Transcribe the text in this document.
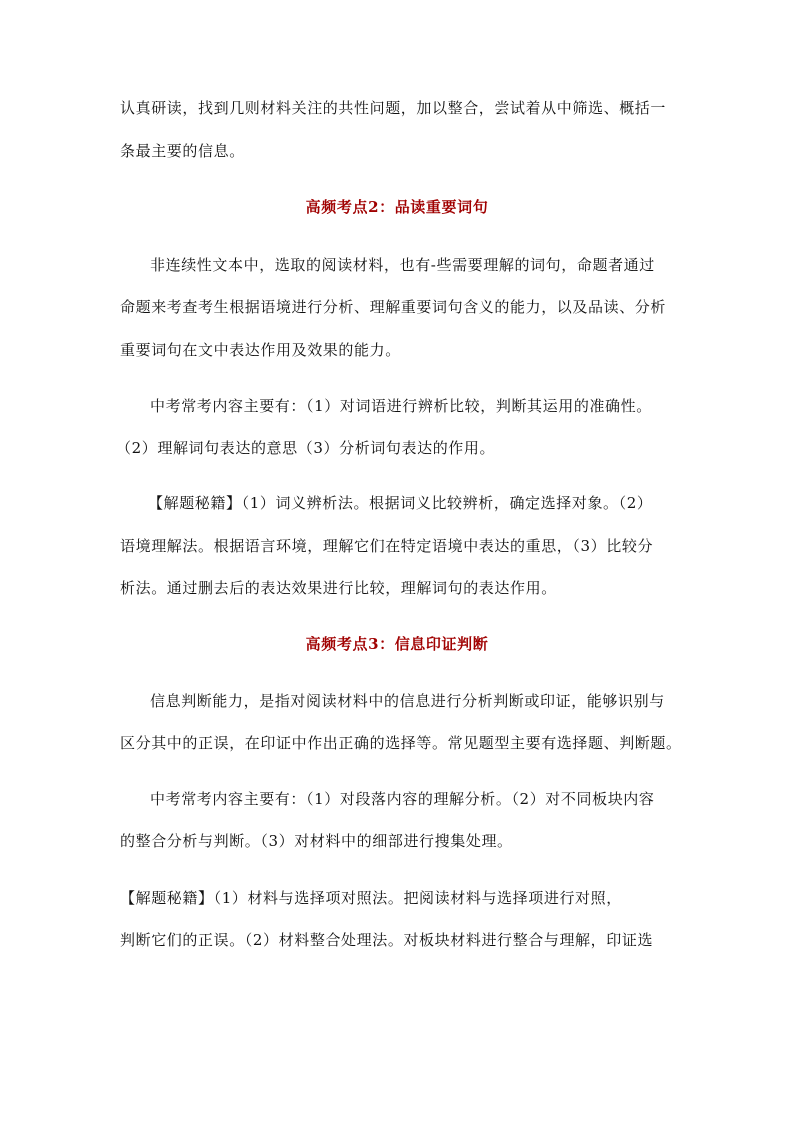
认真研读，找到几则材料关注的共性问题，加以整合，尝试着从中筛选、概括一
条最主要的信息。
高频考点2：品读重要词句
非连续性文本中，选取的阅读材料，也有-些需要理解的词句，命题者通过
命题来考查考生根据语境进行分析、理解重要词句含义的能力，以及品读、分析
重要词句在文中表达作用及效果的能力。
中考常考内容主要有：（1）对词语进行辨析比较，判断其运用的准确性。
（2）理解词句表达的意思（3）分析词句表达的作用。
【解题秘籍】（1）词义辨析法。根据词义比较辨析，确定选择对象。（2）
语境理解法。根据语言环境，理解它们在特定语境中表达的重思，（3）比较分
析法。通过删去后的表达效果进行比较，理解词句的表达作用。
高频考点3：信息印证判断
信息判断能力，是指对阅读材料中的信息进行分析判断或印证，能够识别与
区分其中的正误，在印证中作出正确的选择等。常见题型主要有选择题、判断题。
中考常考内容主要有：（1）对段落内容的理解分析。（2）对不同板块内容
的整合分析与判断。（3）对材料中的细部进行搜集处理。
【解题秘籍】（1）材料与选择项对照法。把阅读材料与选择项进行对照，
判断它们的正误。（2）材料整合处理法。对板块材料进行整合与理解，印证选
